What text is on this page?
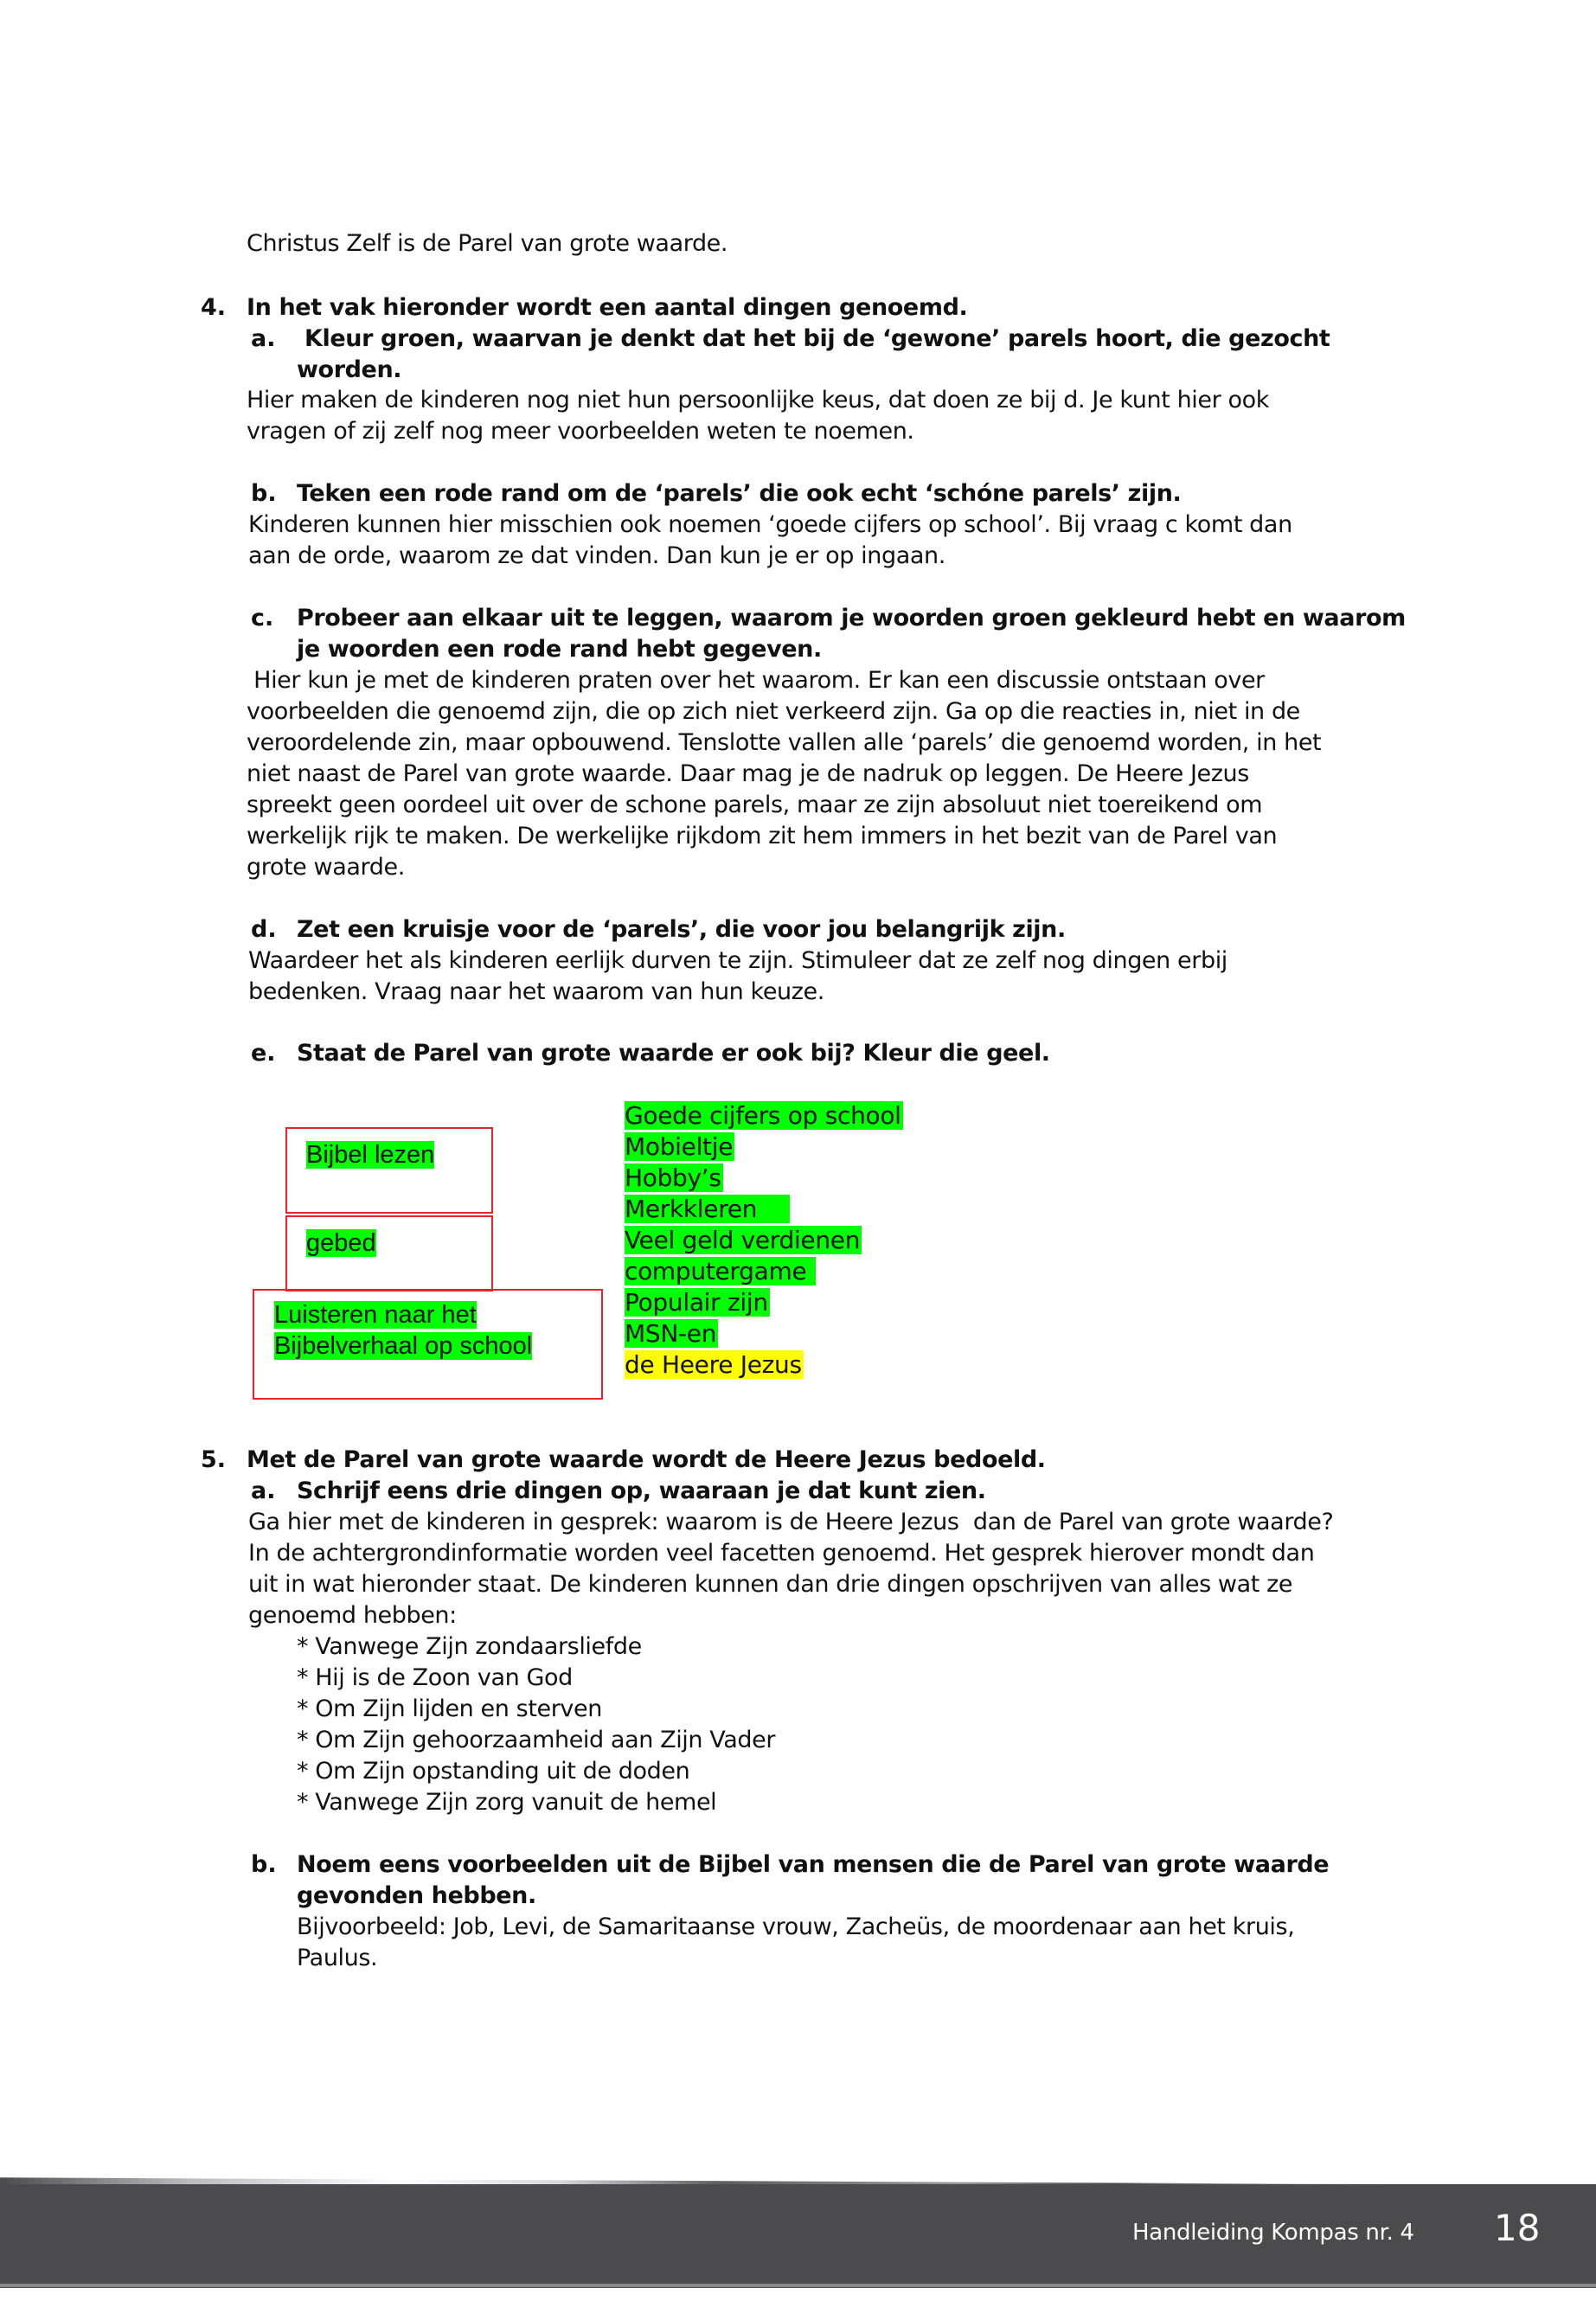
Christus Zelf is de Parel van grote waarde.
4. In het vak hieronder wordt een aantal dingen genoemd.
a. Kleur groen, waarvan je denkt dat het bij de ‘gewone’ parels hoort, die gezocht
worden.
Hier maken de kinderen nog niet hun persoonlijke keus, dat doen ze bij d. Je kunt hier ook
vragen of zij zelf nog meer voorbeelden weten te noemen.
b. Teken een rode rand om de ‘parels’ die ook echt ‘schóne parels’ zijn.
Kinderen kunnen hier misschien ook noemen ‘goede cijfers op school’. Bij vraag c komt dan
aan de orde, waarom ze dat vinden. Dan kun je er op ingaan.
c. Probeer aan elkaar uit te leggen, waarom je woorden groen gekleurd hebt en waarom
je woorden een rode rand hebt gegeven.
Hier kun je met de kinderen praten over het waarom. Er kan een discussie ontstaan over
voorbeelden die genoemd zijn, die op zich niet verkeerd zijn. Ga op die reacties in, niet in de
veroordelende zin, maar opbouwend. Tenslotte vallen alle ‘parels’ die genoemd worden, in het
niet naast de Parel van grote waarde. Daar mag je de nadruk op leggen. De Heere Jezus
spreekt geen oordeel uit over de schone parels, maar ze zijn absoluut niet toereikend om
werkelijk rijk te maken. De werkelijke rijkdom zit hem immers in het bezit van de Parel van
grote waarde.
d. Zet een kruisje voor de ‘parels’, die voor jou belangrijk zijn.
Waardeer het als kinderen eerlijk durven te zijn. Stimuleer dat ze zelf nog dingen erbij
bedenken. Vraag naar het waarom van hun keuze.
e. Staat de Parel van grote waarde er ook bij? Kleur die geel.
Bijbel lezen
gebed
Luisteren naar het
Bijbelverhaal op school
Goede cijfers op school
Mobieltje
Hobby’s
Merkkleren
Veel geld verdienen
computergame
Populair zijn
MSN-en
de Heere Jezus
5. Met de Parel van grote waarde wordt de Heere Jezus bedoeld.
a. Schrijf eens drie dingen op, waaraan je dat kunt zien.
Ga hier met de kinderen in gesprek: waarom is de Heere Jezus  dan de Parel van grote waarde?
In de achtergrondinformatie worden veel facetten genoemd. Het gesprek hierover mondt dan
uit in wat hieronder staat. De kinderen kunnen dan drie dingen opschrijven van alles wat ze
genoemd hebben:
* Vanwege Zijn zondaarsliefde
* Hij is de Zoon van God
* Om Zijn lijden en sterven
* Om Zijn gehoorzaamheid aan Zijn Vader
* Om Zijn opstanding uit de doden
* Vanwege Zijn zorg vanuit de hemel
b. Noem eens voorbeelden uit de Bijbel van mensen die de Parel van grote waarde
gevonden hebben.
Bijvoorbeeld: Job, Levi, de Samaritaanse vrouw, Zacheüs, de moordenaar aan het kruis,
Paulus.
Handleiding Kompas nr. 4 18
